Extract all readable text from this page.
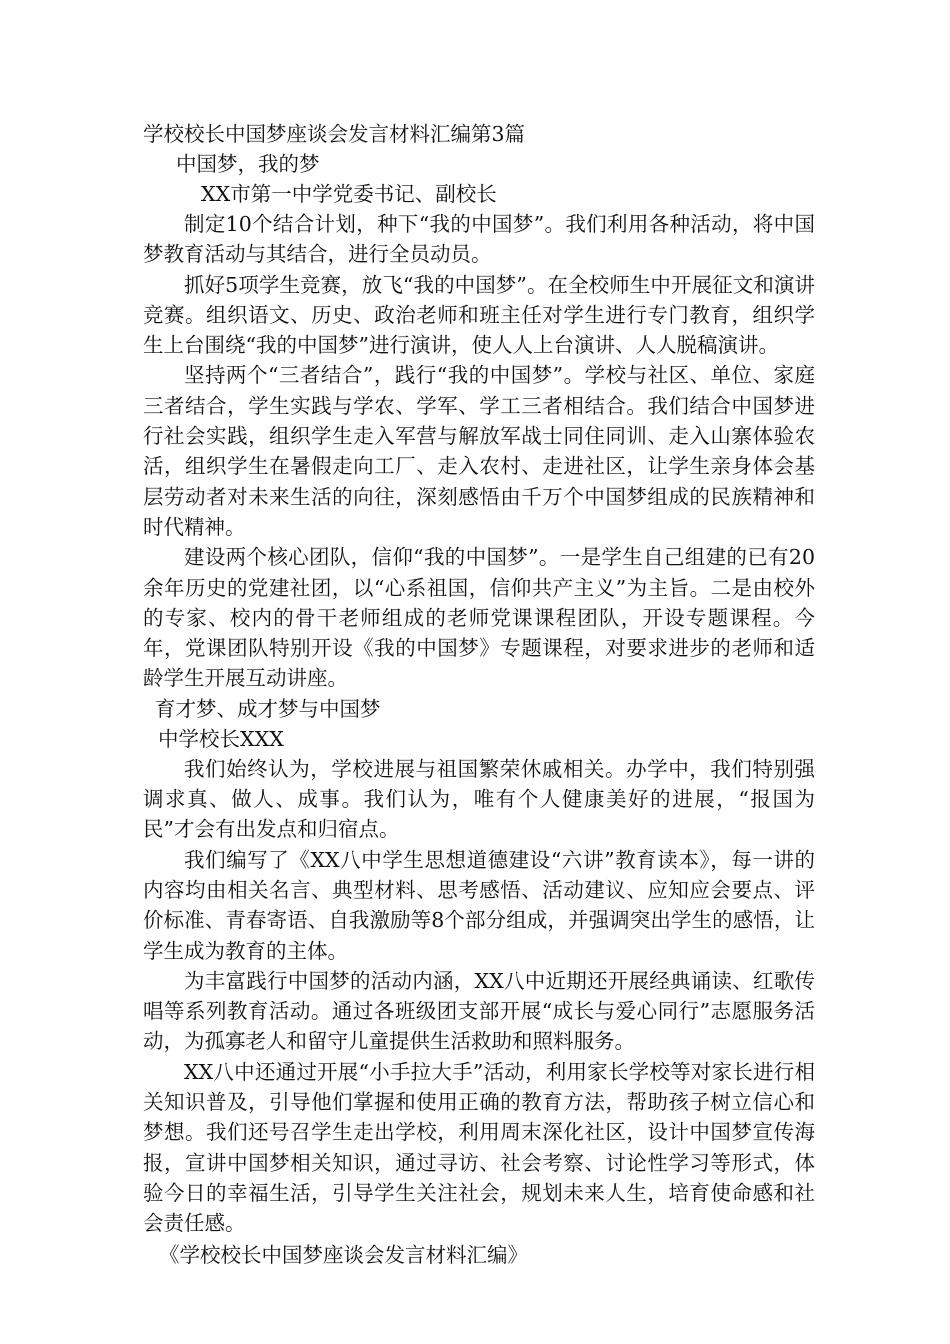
学校校长中国梦座谈会发言材料汇编第3篇

中国梦，我的梦

XX市第一中学党委书记、副校长

制定10个结合计划，种下“我的中国梦”。我们利用各种活动，将中国梦教育活动与其结合，进行全员动员。

抓好5项学生竞赛，放飞“我的中国梦”。在全校师生中开展征文和演讲竞赛。组织语文、历史、政治老师和班主任对学生进行专门教育，组织学生上台围绕“我的中国梦”进行演讲，使人人上台演讲、人人脱稿演讲。

坚持两个“三者结合”，践行“我的中国梦”。学校与社区、单位、家庭三者结合，学生实践与学农、学军、学工三者相结合。我们结合中国梦进行社会实践，组织学生走入军营与解放军战士同住同训、走入山寨体验农活，组织学生在暑假走向工厂、走入农村、走进社区，让学生亲身体会基层劳动者对未来生活的向往，深刻感悟由千万个中国梦组成的民族精神和时代精神。

建设两个核心团队，信仰“我的中国梦”。一是学生自己组建的已有20余年历史的党建社团，以“心系祖国，信仰共产主义”为主旨。二是由校外的专家、校内的骨干老师组成的老师党课课程团队，开设专题课程。今年，党课团队特别开设《我的中国梦》专题课程，对要求进步的老师和适龄学生开展互动讲座。

育才梦、成才梦与中国梦

中学校长XXX

我们始终认为，学校进展与祖国繁荣休戚相关。办学中，我们特别强调求真、做人、成事。我们认为，唯有个人健康美好的进展，“报国为民”才会有出发点和归宿点。

我们编写了《XX八中学生思想道德建设“六讲”教育读本》，每一讲的内容均由相关名言、典型材料、思考感悟、活动建议、应知应会要点、评价标准、青春寄语、自我激励等8个部分组成，并强调突出学生的感悟，让学生成为教育的主体。

为丰富践行中国梦的活动内涵，XX八中近期还开展经典诵读、红歌传唱等系列教育活动。通过各班级团支部开展“成长与爱心同行”志愿服务活动，为孤寡老人和留守儿童提供生活救助和照料服务。

XX八中还通过开展“小手拉大手”活动，利用家长学校等对家长进行相关知识普及，引导他们掌握和使用正确的教育方法，帮助孩子树立信心和梦想。我们还号召学生走出学校，利用周末深化社区，设计中国梦宣传海报，宣讲中国梦相关知识，通过寻访、社会考察、讨论性学习等形式，体验今日的幸福生活，引导学生关注社会，规划未来人生，培育使命感和社会责任感。

《学校校长中国梦座谈会发言材料汇编》
